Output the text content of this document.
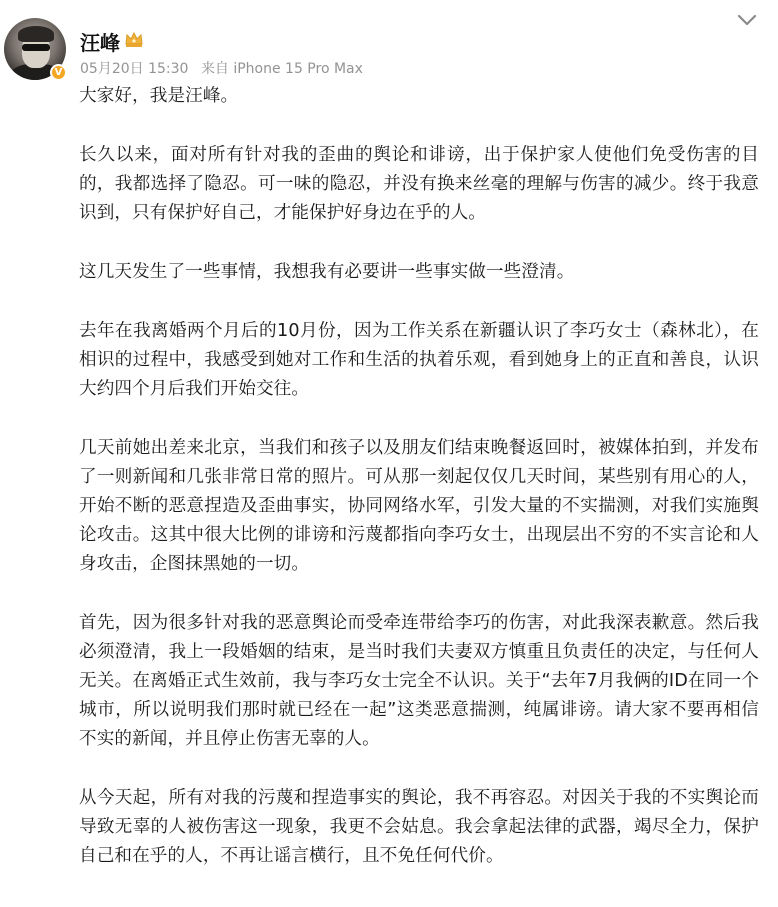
V
汪峰
05月20日 15:30 来自 iPhone 15 Pro Max

大家好，我是汪峰。

长久以来，面对所有针对我的歪曲的舆论和诽谤，出于保护家人使他们免受伤害的目的，我都选择了隐忍。可一味的隐忍，并没有换来丝毫的理解与伤害的减少。终于我意识到，只有保护好自己，才能保护好身边在乎的人。

这几天发生了一些事情，我想我有必要讲一些事实做一些澄清。

去年在我离婚两个月后的10月份，因为工作关系在新疆认识了李巧女士（森林北），在相识的过程中，我感受到她对工作和生活的执着乐观，看到她身上的正直和善良，认识大约四个月后我们开始交往。

几天前她出差来北京，当我们和孩子以及朋友们结束晚餐返回时，被媒体拍到，并发布了一则新闻和几张非常日常的照片。可从那一刻起仅仅几天时间，某些别有用心的人，开始不断的恶意捏造及歪曲事实，协同网络水军，引发大量的不实揣测，对我们实施舆论攻击。这其中很大比例的诽谤和污蔑都指向李巧女士，出现层出不穷的不实言论和人身攻击，企图抹黑她的一切。

首先，因为很多针对我的恶意舆论而受牵连带给李巧的伤害，对此我深表歉意。然后我必须澄清，我上一段婚姻的结束，是当时我们夫妻双方慎重且负责任的决定，与任何人无关。在离婚正式生效前，我与李巧女士完全不认识。关于“去年7月我俩的ID在同一个城市，所以说明我们那时就已经在一起”这类恶意揣测，纯属诽谤。请大家不要再相信不实的新闻，并且停止伤害无辜的人。

从今天起，所有对我的污蔑和捏造事实的舆论，我不再容忍。对因关于我的不实舆论而导致无辜的人被伤害这一现象，我更不会姑息。我会拿起法律的武器，竭尽全力，保护自己和在乎的人，不再让谣言横行，且不免任何代价。
